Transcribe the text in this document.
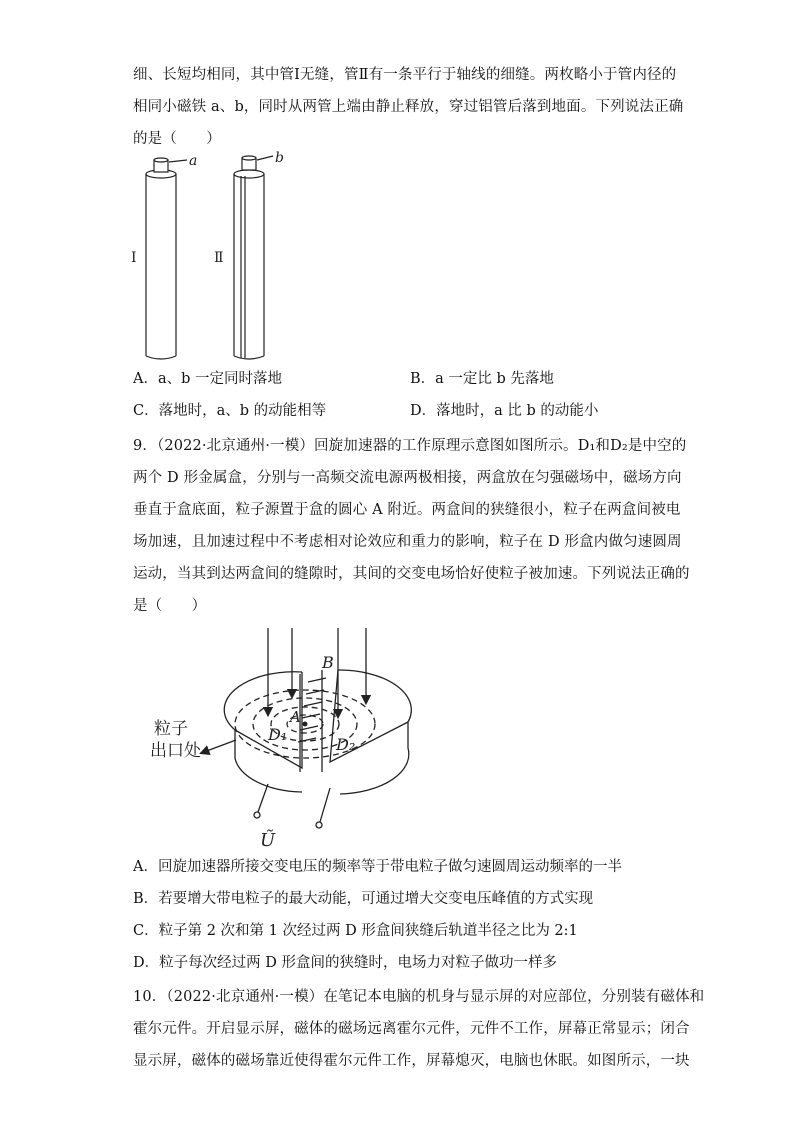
细、长短均相同，其中管Ⅰ无缝，管Ⅱ有一条平行于轴线的细缝。两枚略小于管内径的
相同小磁铁 a、b，同时从两管上端由静止释放，穿过铝管后落到地面。下列说法正确
的是（　　）
Ⅰ	Ⅱ
a	b
A．a、b 一定同时落地	B．a 一定比 b 先落地
C．落地时，a、b 的动能相等	D．落地时，a 比 b 的动能小
9．（2022·北京通州·一模）回旋加速器的工作原理示意图如图所示。D₁和D₂是中空的
两个 D 形金属盒，分别与一高频交流电源两极相接，两盒放在匀强磁场中，磁场方向
垂直于盒底面，粒子源置于盒的圆心 A 附近。两盒间的狭缝很小，粒子在两盒间被电
场加速，且加速过程中不考虑相对论效应和重力的影响，粒子在 D 形盒内做匀速圆周
运动，当其到达两盒间的缝隙时，其间的交变电场恰好使粒子被加速。下列说法正确的
是（　　）
B
A
D₁
D₂
粒子
出口处
Ũ
A．回旋加速器所接交变电压的频率等于带电粒子做匀速圆周运动频率的一半
B．若要增大带电粒子的最大动能，可通过增大交变电压峰值的方式实现
C．粒子第 2 次和第 1 次经过两 D 形盒间狭缝后轨道半径之比为 2:1
D．粒子每次经过两 D 形盒间的狭缝时，电场力对粒子做功一样多
10．（2022·北京通州·一模）在笔记本电脑的机身与显示屏的对应部位，分别装有磁体和
霍尔元件。开启显示屏，磁体的磁场远离霍尔元件，元件不工作，屏幕正常显示；闭合
显示屏，磁体的磁场靠近使得霍尔元件工作，屏幕熄灭，电脑也休眠。如图所示，一块
